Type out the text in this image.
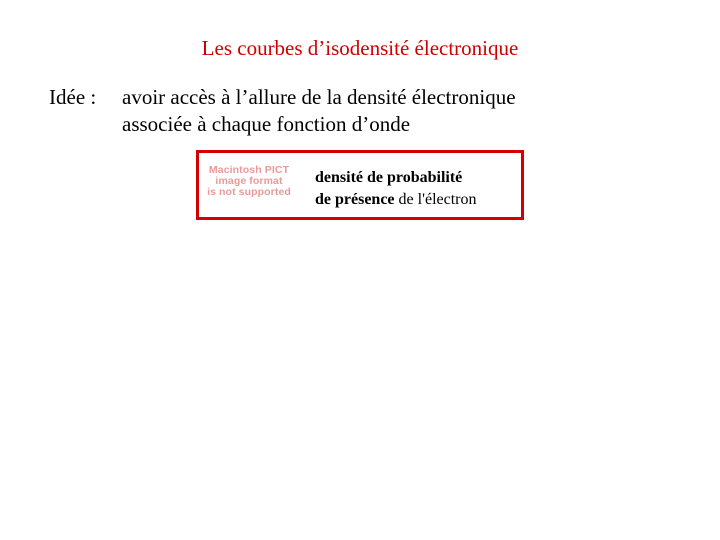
Les courbes d’isodensité électronique
Idée : avoir accès à l’allure de la densité électronique
associée à chaque fonction d’onde
Macintosh PICT
image format
is not supported
densité de probabilité
de présence de l'électron
